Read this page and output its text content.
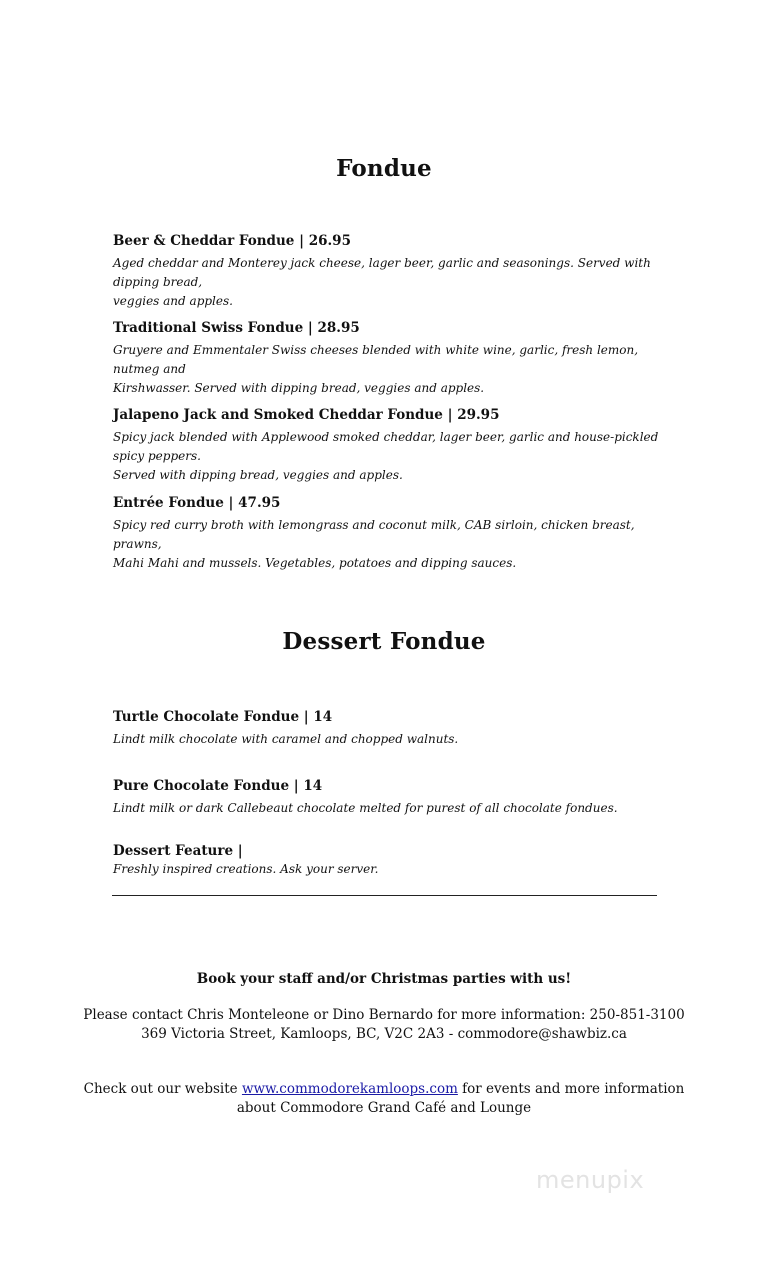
Fondue
Beer & Cheddar Fondue | 26.95
Aged cheddar and Monterey jack cheese, lager beer, garlic and seasonings. Served with dipping bread,
veggies and apples.
Traditional Swiss Fondue | 28.95
Gruyere and Emmentaler Swiss cheeses blended with white wine, garlic, fresh lemon, nutmeg and
Kirshwasser. Served with dipping bread, veggies and apples.
Jalapeno Jack and Smoked Cheddar Fondue | 29.95
Spicy jack blended with Applewood smoked cheddar, lager beer, garlic and house-pickled spicy peppers.
Served with dipping bread, veggies and apples.
Entrée Fondue | 47.95
Spicy red curry broth with lemongrass and coconut milk, CAB sirloin, chicken breast, prawns,
Mahi Mahi and mussels. Vegetables, potatoes and dipping sauces.
Dessert Fondue
Turtle Chocolate Fondue | 14
Lindt milk chocolate with caramel and chopped walnuts.
Pure Chocolate Fondue | 14
Lindt milk or dark Callebeaut chocolate melted for purest of all chocolate fondues.
Dessert Feature |
Freshly inspired creations. Ask your server.
Book your staff and/or Christmas parties with us!
Please contact Chris Monteleone or Dino Bernardo for more information: 250-851-3100
369 Victoria Street, Kamloops, BC, V2C 2A3 - commodore@shawbiz.ca
Check out our website www.commodorekamloops.com for events and more information
about Commodore Grand Café and Lounge
menupix
